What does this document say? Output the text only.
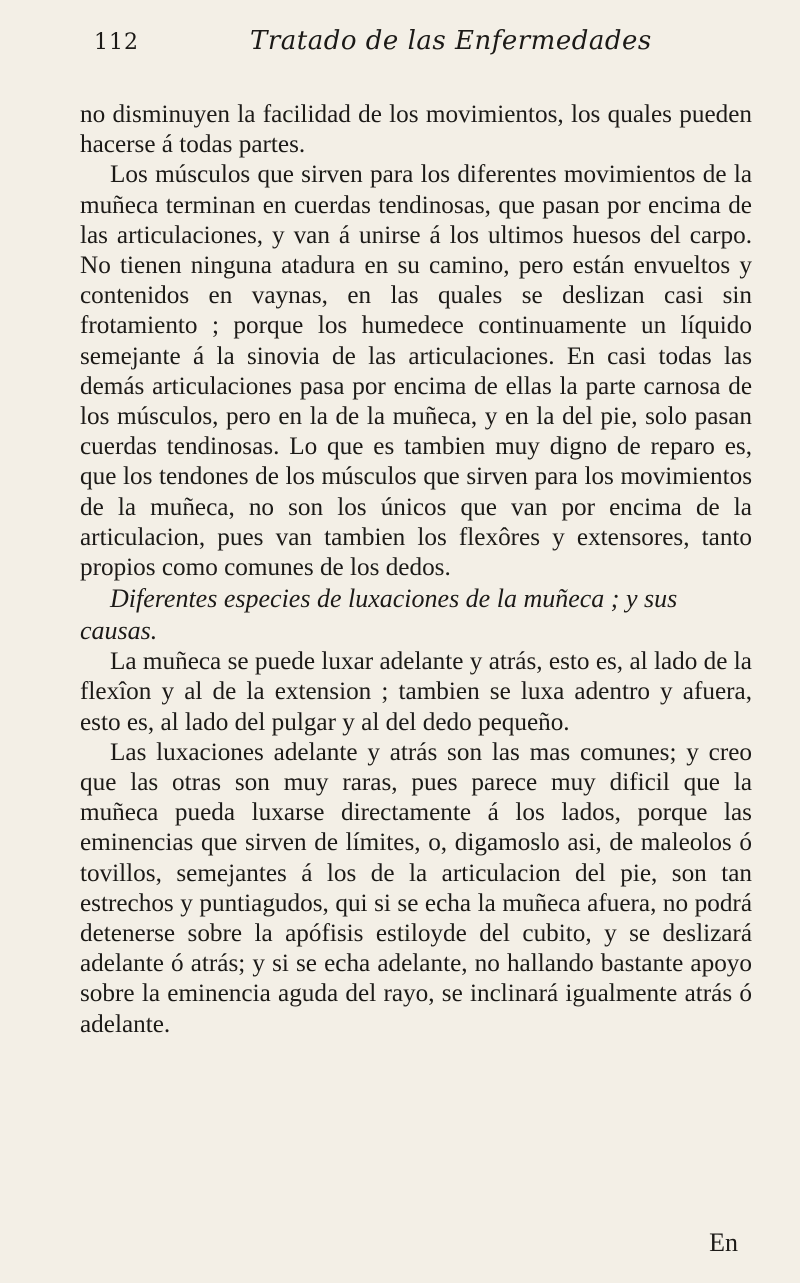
112	Tratado de las Enfermedades

no disminuyen la facilidad de los movimientos, los quales pueden hacerse á todas partes.

Los músculos que sirven para los diferentes movimientos de la muñeca terminan en cuerdas tendinosas, que pasan por encima de las articulaciones, y van á unirse á los ultimos huesos del carpo. No tienen ninguna atadura en su camino, pero están envueltos y contenidos en vaynas, en las quales se deslizan casi sin frotamiento ; porque los humedece continuamente un líquido semejante á la sinovia de las articulaciones. En casi todas las demás articulaciones pasa por encima de ellas la parte carnosa de los músculos, pero en la de la muñeca, y en la del pie, solo pasan cuerdas tendinosas. Lo que es tambien muy digno de reparo es, que los tendones de los músculos que sirven para los movimientos de la muñeca, no son los únicos que van por encima de la articulacion, pues van tambien los flexôres y extensores, tanto propios como comunes de los dedos.

Diferentes especies de luxaciones de la muñeca ; y sus causas.

La muñeca se puede luxar adelante y atrás, esto es, al lado de la flexîon y al de la extension ; tambien se luxa adentro y afuera, esto es, al lado del pulgar y al del dedo pequeño.

Las luxaciones adelante y atrás son las mas comunes; y creo que las otras son muy raras, pues parece muy dificil que la muñeca pueda luxarse directamente á los lados, porque las eminencias que sirven de límites, o, digamoslo asi, de maleolos ó tovillos, semejantes á los de la articulacion del pie, son tan estrechos y puntiagudos, qui si se echa la muñeca afuera, no podrá detenerse sobre la apófisis estiloyde del cubito, y se deslizará adelante ó atrás; y si se echa adelante, no hallando bastante apoyo sobre la eminencia aguda del rayo, se inclinará igualmente atrás ó adelante.

En
